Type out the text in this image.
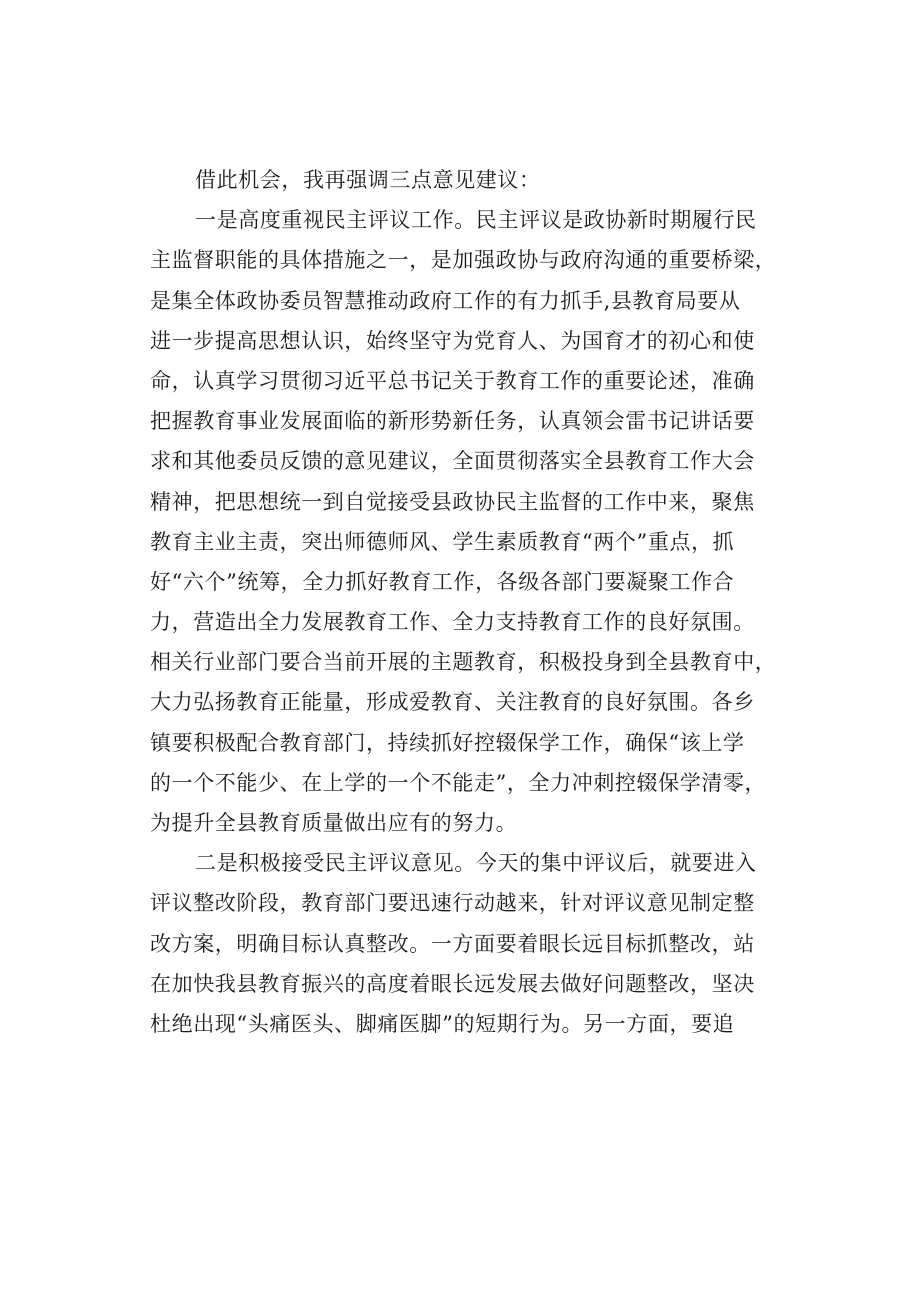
借此机会，我再强调三点意见建议：
一是高度重视民主评议工作。民主评议是政协新时期履行民
主监督职能的具体措施之一，是加强政协与政府沟通的重要桥梁，
是集全体政协委员智慧推动政府工作的有力抓手,县教育局要从
进一步提高思想认识，始终坚守为党育人、为国育才的初心和使
命，认真学习贯彻习近平总书记关于教育工作的重要论述，准确
把握教育事业发展面临的新形势新任务，认真领会雷书记讲话要
求和其他委员反馈的意见建议，全面贯彻落实全县教育工作大会
精神，把思想统一到自觉接受县政协民主监督的工作中来，聚焦
教育主业主责，突出师德师风、学生素质教育“两个”重点，抓
好“六个”统筹，全力抓好教育工作，各级各部门要凝聚工作合
力，营造出全力发展教育工作、全力支持教育工作的良好氛围。
相关行业部门要合当前开展的主题教育，积极投身到全县教育中，
大力弘扬教育正能量，形成爱教育、关注教育的良好氛围。各乡
镇要积极配合教育部门，持续抓好控辍保学工作，确保“该上学
的一个不能少、在上学的一个不能走”，全力冲刺控辍保学清零，
为提升全县教育质量做出应有的努力。
二是积极接受民主评议意见。今天的集中评议后，就要进入
评议整改阶段，教育部门要迅速行动越来，针对评议意见制定整
改方案，明确目标认真整改。一方面要着眼长远目标抓整改，站
在加快我县教育振兴的高度着眼长远发展去做好问题整改，坚决
杜绝出现“头痛医头、脚痛医脚”的短期行为。另一方面，要追
